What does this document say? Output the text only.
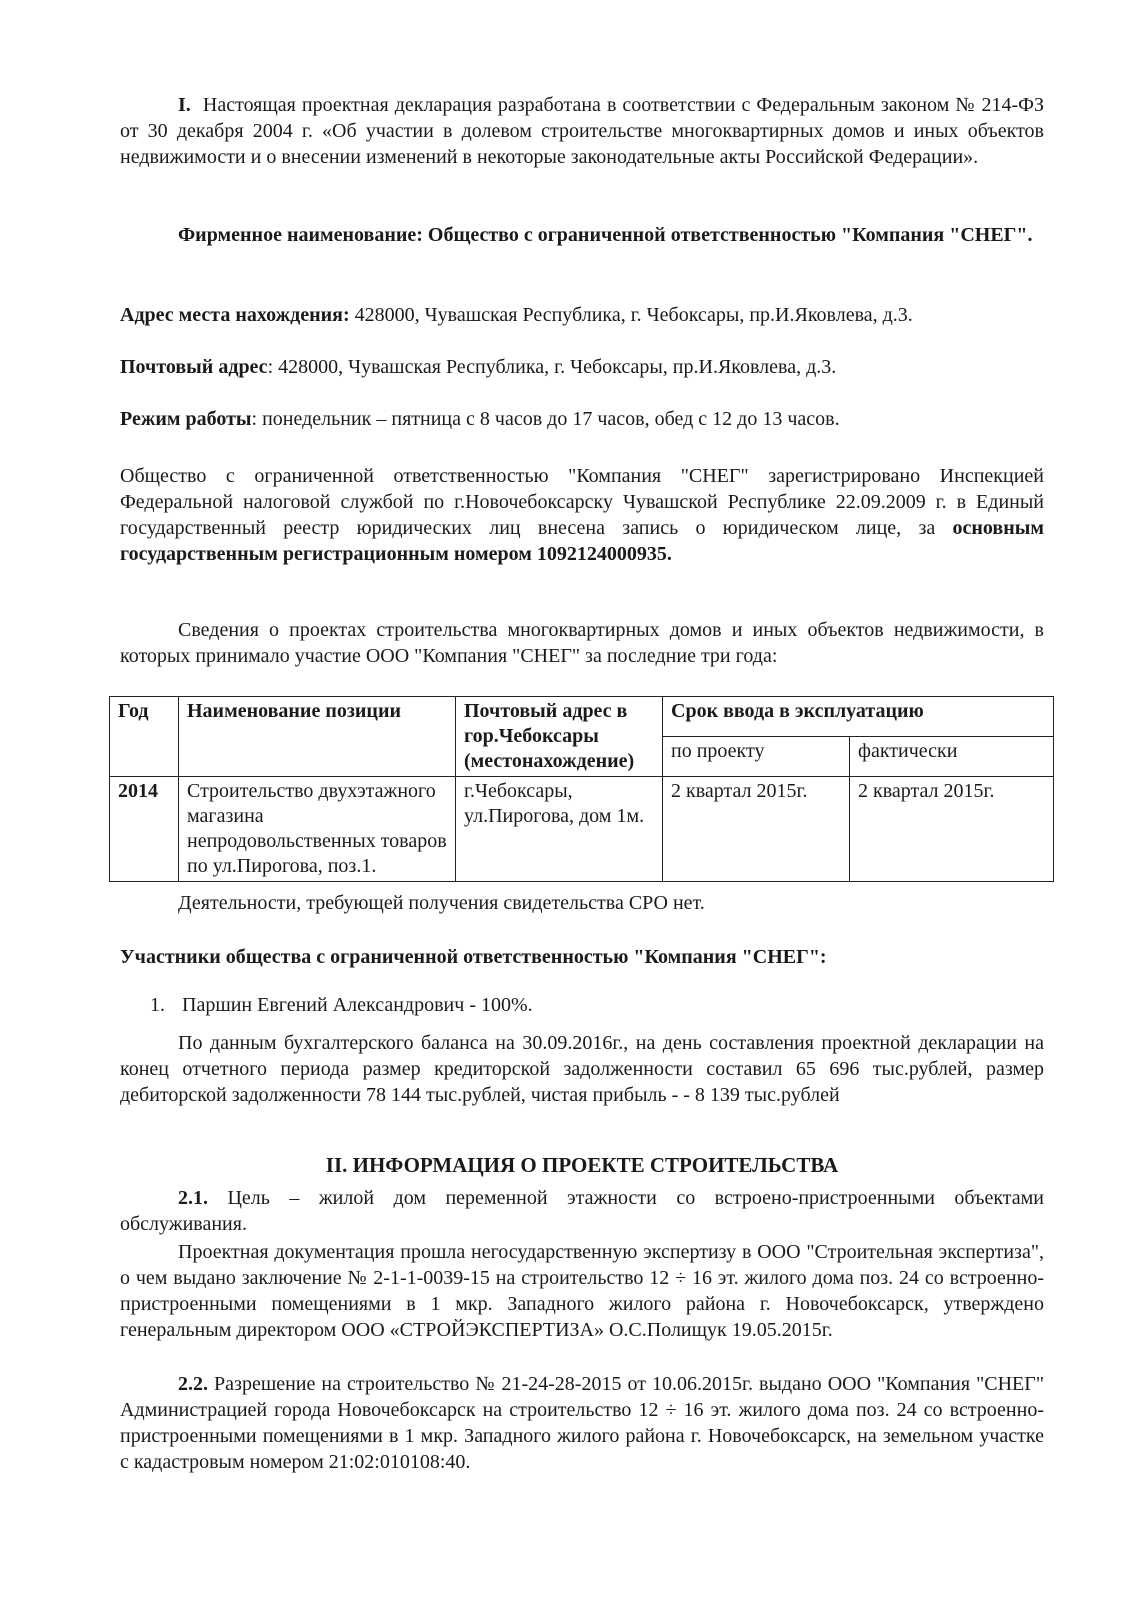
I. Настоящая проектная декларация разработана в соответствии с Федеральным законом № 214-ФЗ от 30 декабря 2004 г. «Об участии в долевом строительстве многоквартирных домов и иных объектов недвижимости и о внесении изменений в некоторые законодательные акты Российской Федерации».

Фирменное наименование: Общество с ограниченной ответственностью "Компания "СНЕГ".

Адрес места нахождения: 428000, Чувашская Республика, г. Чебоксары, пр.И.Яковлева, д.3.

Почтовый адрес: 428000, Чувашская Республика, г. Чебоксары, пр.И.Яковлева, д.3.

Режим работы: понедельник – пятница с 8 часов до 17 часов, обед с 12 до 13 часов.

Общество с ограниченной ответственностью "Компания "СНЕГ" зарегистрировано Инспекцией Федеральной налоговой службой по г.Новочебоксарску Чувашской Республике 22.09.2009 г. в Единый государственный реестр юридических лиц внесена запись о юридическом лице, за основным государственным регистрационным номером 1092124000935.

Сведения о проектах строительства многоквартирных домов и иных объектов недвижимости, в которых принимало участие ООО "Компания "СНЕГ" за последние три года:

Год	Наименование позиции	Почтовый адрес в гор.Чебоксары (местонахождение)	Срок ввода в эксплуатацию	
			по проекту	фактически
2014	Строительство двухэтажного магазина непродовольственных товаров по ул.Пирогова, поз.1.	г.Чебоксары, ул.Пирогова, дом 1м.	2 квартал 2015г.	2 квартал 2015г.

Деятельности, требующей получения свидетельства СРО нет.

Участники общества с ограниченной ответственностью "Компания "СНЕГ":

1. Паршин Евгений Александрович - 100%.

По данным бухгалтерского баланса на 30.09.2016г., на день составления проектной декларации на конец отчетного периода размер кредиторской задолженности составил 65 696 тыс.рублей, размер дебиторской задолженности 78 144 тыс.рублей, чистая прибыль - - 8 139 тыс.рублей

II. ИНФОРМАЦИЯ О ПРОЕКТЕ СТРОИТЕЛЬСТВА

2.1. Цель – жилой дом переменной этажности со встроено-пристроенными объектами обслуживания.

Проектная документация прошла негосударственную экспертизу в ООО "Строительная экспертиза", о чем выдано заключение № 2-1-1-0039-15 на строительство 12 ÷ 16 эт. жилого дома поз. 24 со встроенно-пристроенными помещениями в 1 мкр. Западного жилого района г. Новочебоксарск, утверждено генеральным директором ООО «СТРОЙЭКСПЕРТИЗА» О.С.Полищук 19.05.2015г.

2.2. Разрешение на строительство № 21-24-28-2015 от 10.06.2015г. выдано ООО "Компания "СНЕГ" Администрацией города Новочебоксарск на строительство 12 ÷ 16 эт. жилого дома поз. 24 со встроенно-пристроенными помещениями в 1 мкр. Западного жилого района г. Новочебоксарск, на земельном участке с кадастровым номером 21:02:010108:40.
